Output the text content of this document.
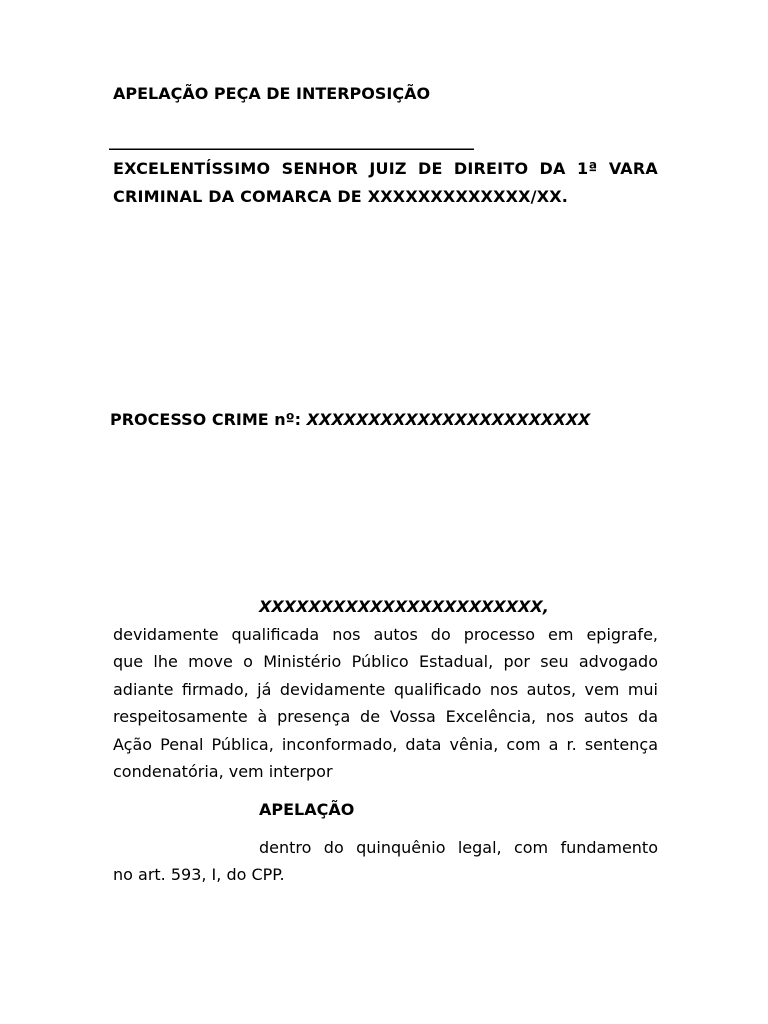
APELAÇÃO PEÇA DE INTERPOSIÇÃO
____________________________________________________
EXCELENTÍSSIMO SENHOR JUIZ DE DIREITO DA 1ª VARA
CRIMINAL DA COMARCA DE XXXXXXXXXXXXX/XX.
PROCESSO CRIME nº: XXXXXXXXXXXXXXXXXXXXXXX
XXXXXXXXXXXXXXXXXXXXXXX,
devidamente qualificada nos autos do processo em epigrafe,
que lhe move o Ministério Público Estadual, por seu advogado
adiante firmado, já devidamente qualificado nos autos, vem mui
respeitosamente à presença de Vossa Excelência, nos autos da
Ação Penal Pública, inconformado, data vênia, com a r. sentença
condenatória, vem interpor
APELAÇÃO
dentro do quinquênio legal, com fundamento
no art. 593, I, do CPP.
